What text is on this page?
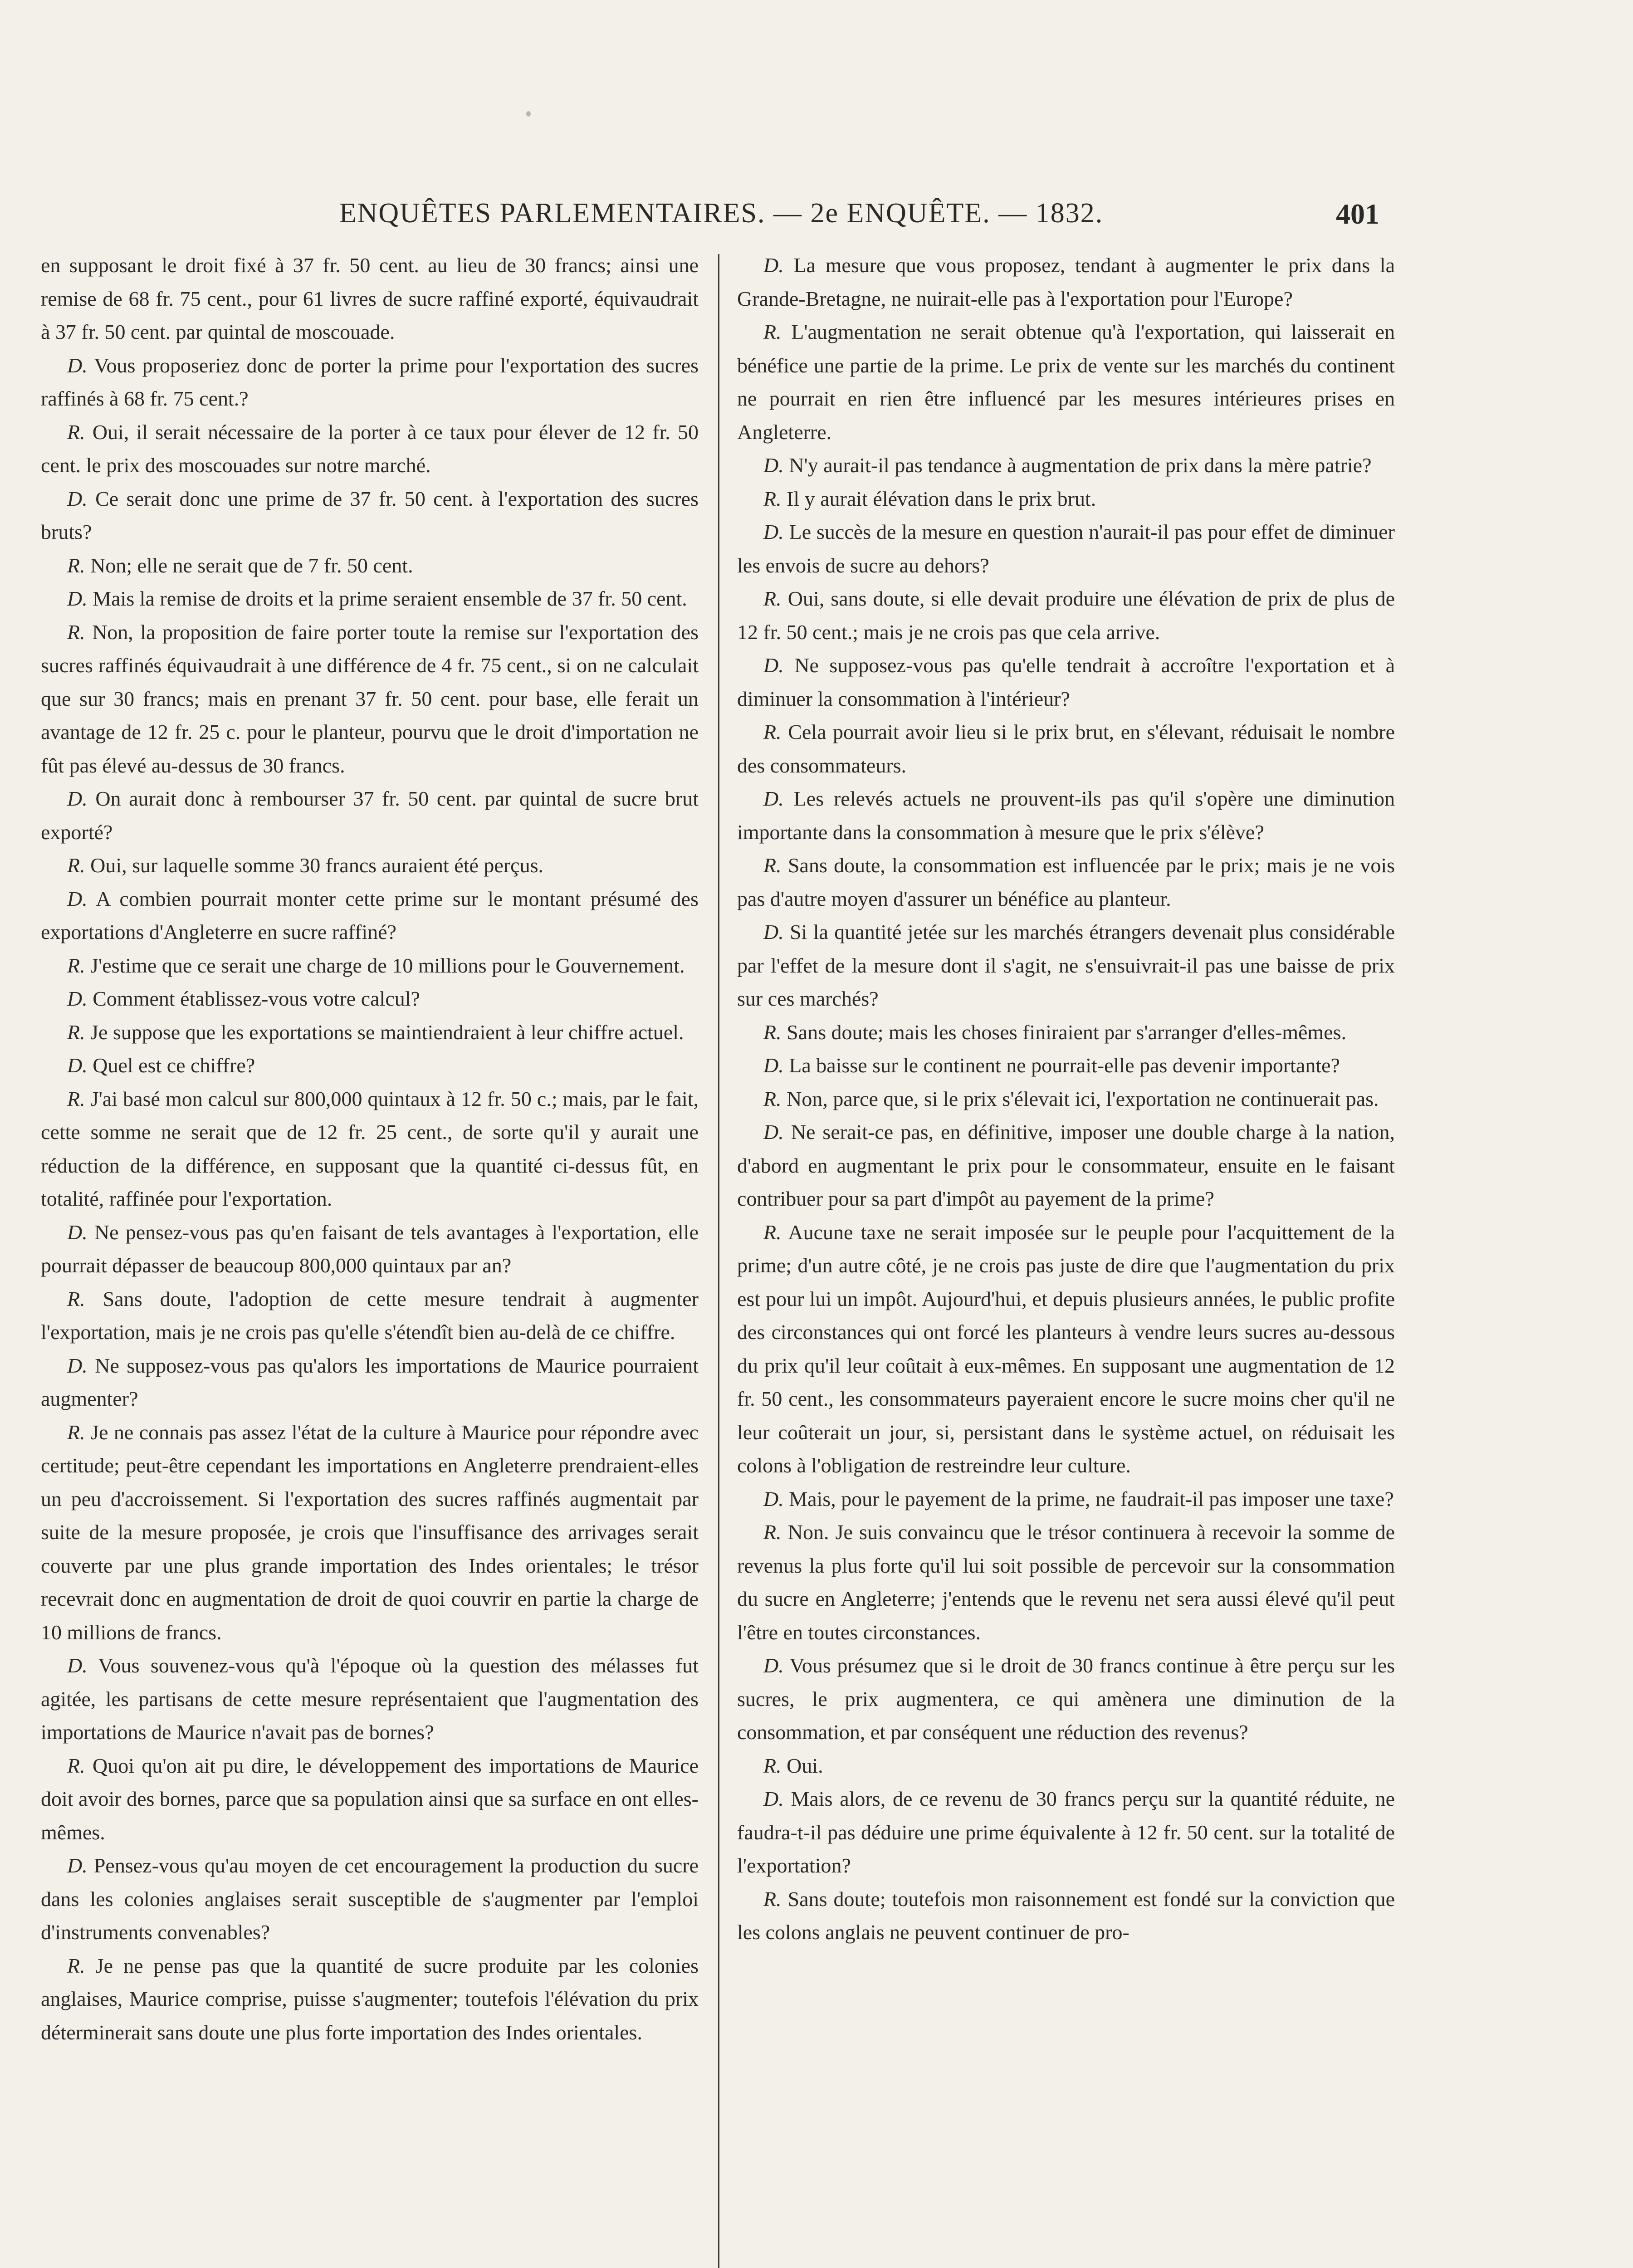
ENQUÊTES PARLEMENTAIRES. — 2e ENQUÊTE. — 1832.	401

en supposant le droit fixé à 37 fr. 50 cent. au lieu de 30 francs; ainsi une remise de 68 fr. 75 cent., pour 61 livres de sucre raffiné exporté, équivaudrait à 37 fr. 50 cent. par quintal de moscouade.

D. Vous proposeriez donc de porter la prime pour l'exportation des sucres raffinés à 68 fr. 75 cent.?

R. Oui, il serait nécessaire de la porter à ce taux pour élever de 12 fr. 50 cent. le prix des moscouades sur notre marché.

D. Ce serait donc une prime de 37 fr. 50 cent. à l'exportation des sucres bruts?

R. Non; elle ne serait que de 7 fr. 50 cent.

D. Mais la remise de droits et la prime seraient ensemble de 37 fr. 50 cent.

R. Non, la proposition de faire porter toute la remise sur l'exportation des sucres raffinés équivaudrait à une différence de 4 fr. 75 cent., si on ne calculait que sur 30 francs; mais en prenant 37 fr. 50 cent. pour base, elle ferait un avantage de 12 fr. 25 c. pour le planteur, pourvu que le droit d'importation ne fût pas élevé au-dessus de 30 francs.

D. On aurait donc à rembourser 37 fr. 50 cent. par quintal de sucre brut exporté?

R. Oui, sur laquelle somme 30 francs auraient été perçus.

D. A combien pourrait monter cette prime sur le montant présumé des exportations d'Angleterre en sucre raffiné?

R. J'estime que ce serait une charge de 10 millions pour le Gouvernement.

D. Comment établissez-vous votre calcul?

R. Je suppose que les exportations se maintiendraient à leur chiffre actuel.

D. Quel est ce chiffre?

R. J'ai basé mon calcul sur 800,000 quintaux à 12 fr. 50 c.; mais, par le fait, cette somme ne serait que de 12 fr. 25 cent., de sorte qu'il y aurait une réduction de la différence, en supposant que la quantité ci-dessus fût, en totalité, raffinée pour l'exportation.

D. Ne pensez-vous pas qu'en faisant de tels avantages à l'exportation, elle pourrait dépasser de beaucoup 800,000 quintaux par an?

R. Sans doute, l'adoption de cette mesure tendrait à augmenter l'exportation, mais je ne crois pas qu'elle s'étendît bien au-delà de ce chiffre.

D. Ne supposez-vous pas qu'alors les importations de Maurice pourraient augmenter?

R. Je ne connais pas assez l'état de la culture à Maurice pour répondre avec certitude; peut-être cependant les importations en Angleterre prendraient-elles un peu d'accroissement. Si l'exportation des sucres raffinés augmentait par suite de la mesure proposée, je crois que l'insuffisance des arrivages serait couverte par une plus grande importation des Indes orientales; le trésor recevrait donc en augmentation de droit de quoi couvrir en partie la charge de 10 millions de francs.

D. Vous souvenez-vous qu'à l'époque où la question des mélasses fut agitée, les partisans de cette mesure représentaient que l'augmentation des importations de Maurice n'avait pas de bornes?

R. Quoi qu'on ait pu dire, le développement des importations de Maurice doit avoir des bornes, parce que sa population ainsi que sa surface en ont elles-mêmes.

D. Pensez-vous qu'au moyen de cet encouragement la production du sucre dans les colonies anglaises serait susceptible de s'augmenter par l'emploi d'instruments convenables?

R. Je ne pense pas que la quantité de sucre produite par les colonies anglaises, Maurice comprise, puisse s'augmenter; toutefois l'élévation du prix déterminerait sans doute une plus forte importation des Indes orientales.

D. La mesure que vous proposez, tendant à augmenter le prix dans la Grande-Bretagne, ne nuirait-elle pas à l'exportation pour l'Europe?

R. L'augmentation ne serait obtenue qu'à l'exportation, qui laisserait en bénéfice une partie de la prime. Le prix de vente sur les marchés du continent ne pourrait en rien être influencé par les mesures intérieures prises en Angleterre.

D. N'y aurait-il pas tendance à augmentation de prix dans la mère patrie?

R. Il y aurait élévation dans le prix brut.

D. Le succès de la mesure en question n'aurait-il pas pour effet de diminuer les envois de sucre au dehors?

R. Oui, sans doute, si elle devait produire une élévation de prix de plus de 12 fr. 50 cent.; mais je ne crois pas que cela arrive.

D. Ne supposez-vous pas qu'elle tendrait à accroître l'exportation et à diminuer la consommation à l'intérieur?

R. Cela pourrait avoir lieu si le prix brut, en s'élevant, réduisait le nombre des consommateurs.

D. Les relevés actuels ne prouvent-ils pas qu'il s'opère une diminution importante dans la consommation à mesure que le prix s'élève?

R. Sans doute, la consommation est influencée par le prix; mais je ne vois pas d'autre moyen d'assurer un bénéfice au planteur.

D. Si la quantité jetée sur les marchés étrangers devenait plus considérable par l'effet de la mesure dont il s'agit, ne s'ensuivrait-il pas une baisse de prix sur ces marchés?

R. Sans doute; mais les choses finiraient par s'arranger d'elles-mêmes.

D. La baisse sur le continent ne pourrait-elle pas devenir importante?

R. Non, parce que, si le prix s'élevait ici, l'exportation ne continuerait pas.

D. Ne serait-ce pas, en définitive, imposer une double charge à la nation, d'abord en augmentant le prix pour le consommateur, ensuite en le faisant contribuer pour sa part d'impôt au payement de la prime?

R. Aucune taxe ne serait imposée sur le peuple pour l'acquittement de la prime; d'un autre côté, je ne crois pas juste de dire que l'augmentation du prix est pour lui un impôt. Aujourd'hui, et depuis plusieurs années, le public profite des circonstances qui ont forcé les planteurs à vendre leurs sucres au-dessous du prix qu'il leur coûtait à eux-mêmes. En supposant une augmentation de 12 fr. 50 cent., les consommateurs payeraient encore le sucre moins cher qu'il ne leur coûterait un jour, si, persistant dans le système actuel, on réduisait les colons à l'obligation de restreindre leur culture.

D. Mais, pour le payement de la prime, ne faudrait-il pas imposer une taxe?

R. Non. Je suis convaincu que le trésor continuera à recevoir la somme de revenus la plus forte qu'il lui soit possible de percevoir sur la consommation du sucre en Angleterre; j'entends que le revenu net sera aussi élevé qu'il peut l'être en toutes circonstances.

D. Vous présumez que si le droit de 30 francs continue à être perçu sur les sucres, le prix augmentera, ce qui amènera une diminution de la consommation, et par conséquent une réduction des revenus?

R. Oui.

D. Mais alors, de ce revenu de 30 francs perçu sur la quantité réduite, ne faudra-t-il pas déduire une prime équivalente à 12 fr. 50 cent. sur la totalité de l'exportation?

R. Sans doute; toutefois mon raisonnement est fondé sur la conviction que les colons anglais ne peuvent continuer de pro-
